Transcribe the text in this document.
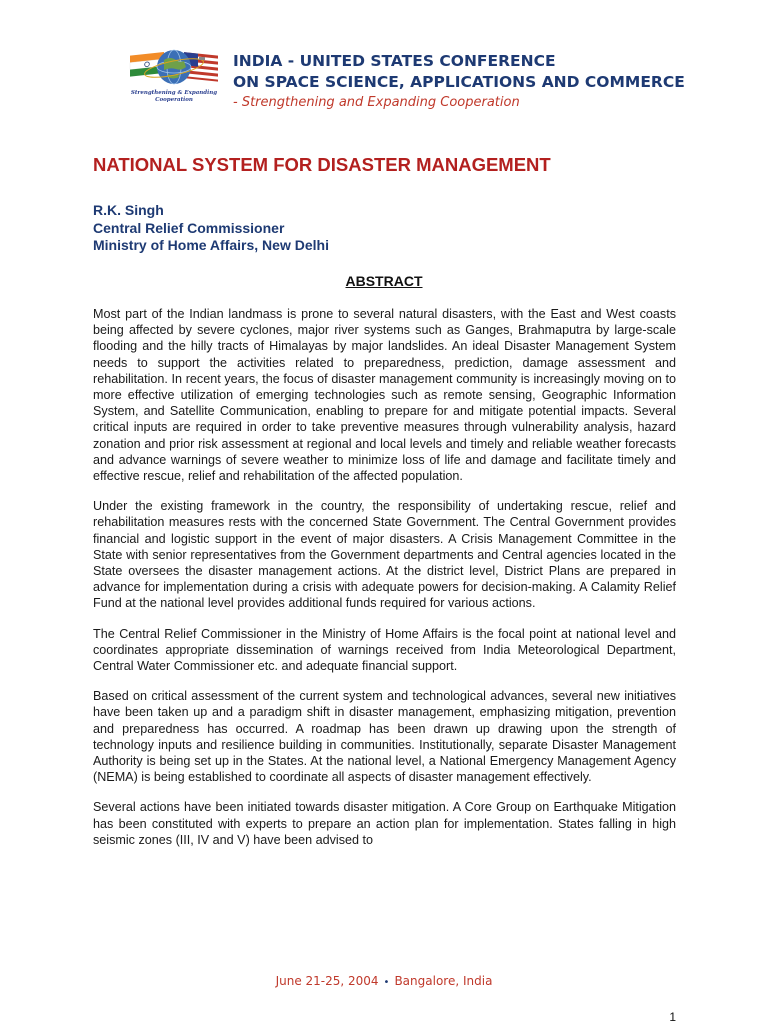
Strengthening & Expanding
Cooperation
INDIA - UNITED STATES CONFERENCE
ON SPACE SCIENCE, APPLICATIONS AND COMMERCE
- Strengthening and Expanding Cooperation
NATIONAL SYSTEM FOR DISASTER MANAGEMENT
R.K. Singh
Central Relief Commissioner
Ministry of Home Affairs, New Delhi
ABSTRACT

Most part of the Indian landmass is prone to several natural disasters, with the East and West coasts being affected by severe cyclones, major river systems such as Ganges, Brahmaputra by large-scale flooding and the hilly tracts of Himalayas by major landslides. An ideal Disaster Management System needs to support the activities related to preparedness, prediction, damage assessment and rehabilitation. In recent years, the focus of disaster management community is increasingly moving on to more effective utilization of emerging technologies such as remote sensing, Geographic Information System, and Satellite Communication, enabling to prepare for and mitigate potential impacts. Several critical inputs are required in order to take preventive measures through vulnerability analysis, hazard zonation and prior risk assessment at regional and local levels and timely and reliable weather forecasts and advance warnings of severe weather to minimize loss of life and damage and facilitate timely and effective rescue, relief and rehabilitation of the affected population.

Under the existing framework in the country, the responsibility of undertaking rescue, relief and rehabilitation measures rests with the concerned State Government. The Central Government provides financial and logistic support in the event of major disasters. A Crisis Management Committee in the State with senior representatives from the Government departments and Central agencies located in the State oversees the disaster management actions. At the district level, District Plans are prepared in advance for implementation during a crisis with adequate powers for decision-making. A Calamity Relief Fund at the national level provides additional funds required for various actions.

The Central Relief Commissioner in the Ministry of Home Affairs is the focal point at national level and coordinates appropriate dissemination of warnings received from India Meteorological Department, Central Water Commissioner etc. and adequate financial support.

Based on critical assessment of the current system and technological advances, several new initiatives have been taken up and a paradigm shift in disaster management, emphasizing mitigation, prevention and preparedness has occurred. A roadmap has been drawn up drawing upon the strength of technology inputs and resilience building in communities. Institutionally, separate Disaster Management Authority is being set up in the States. At the national level, a National Emergency Management Agency (NEMA) is being established to coordinate all aspects of disaster management effectively.

Several actions have been initiated towards disaster mitigation. A Core Group on Earthquake Mitigation has been constituted with experts to prepare an action plan for implementation. States falling in high seismic zones (III, IV and V) have been advised to

June 21-25, 2004 • Bangalore, India
1
